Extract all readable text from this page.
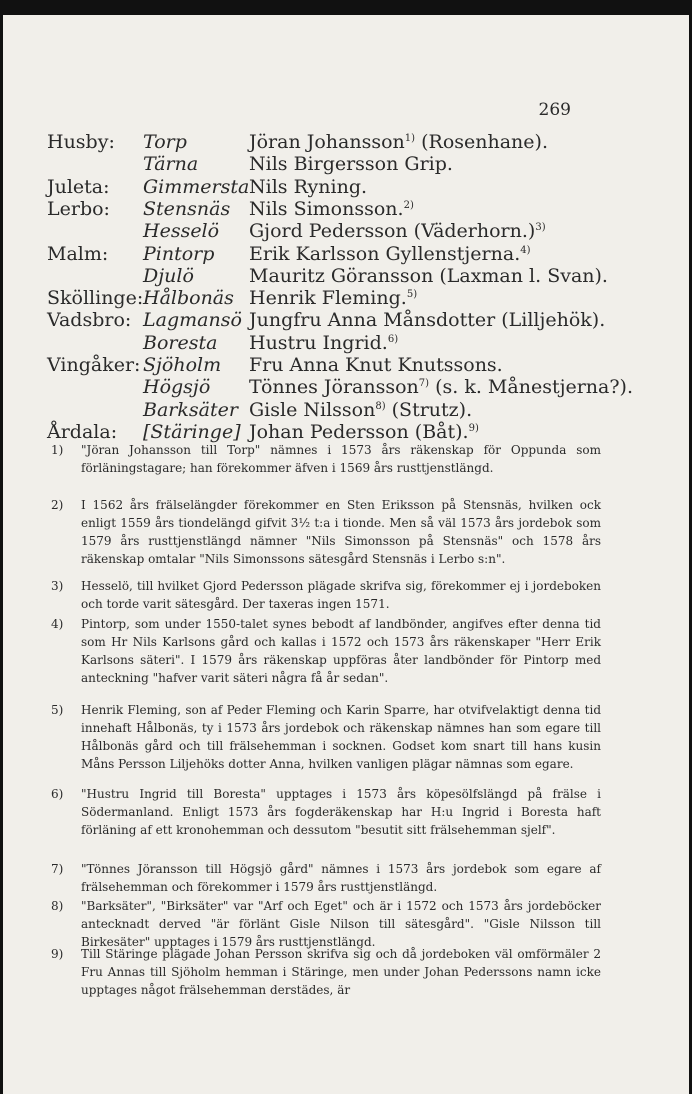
269
Husby: Torp	Jöran Johansson$^{1)}$ (Rosenhane).
Tärna	Nils Birgersson Grip.
Juleta: Gimmersta Nils Ryning.
Lerbo: Stensnäs Nils Simonsson.$^{2)}$
Hesselö Gjord Pedersson (Väderhorn.)$^{3)}$
Malm: Pintorp Erik Karlsson Gyllenstjerna.$^{4)}$
Djulö	Mauritz Göransson (Laxman l. Svan).
Sköllinge: Hålbonäs Henrik Fleming.$^{5)}$
Vadsbro: Lagmansö Jungfru Anna Månsdotter (Lilljehök).
Boresta Hustru Ingrid.$^{6)}$
Vingåker: Sjöholm Fru Anna Knut Knutssons.
Högsjö Tönnes Jöransson$^{7)}$ (s. k. Månestjerna?).
Barksäter Gisle Nilsson$^{8)}$ (Strutz).
Årdala: [Stäringe] Johan Pedersson (Båt).$^{9)}$
1) "Jöran Johansson till Torp" nämnes i 1573 års räkenskap för Oppunda som förläningstagare; han förekommer äfven i 1569 års rusttjenstlängd.
2) I 1562 års frälselängder förekommer en Sten Eriksson på Stensnäs, hvilken ock enligt 1559 års tiondelängd gifvit 3½ t:a i tionde. Men så väl 1573 års jordebok som 1579 års rusttjenstlängd nämner "Nils Simonsson på Stensnäs" och 1578 års räkenskap omtalar "Nils Simonssons sätesgård Stensnäs i Lerbo s:n".
3) Hesselö, till hvilket Gjord Pedersson plägade skrifva sig, förekommer ej i jordeboken och torde varit sätesgård. Der taxeras ingen 1571.
4) Pintorp, som under 1550-talet synes bebodt af landbönder, angifves efter denna tid som Hr Nils Karlsons gård och kallas i 1572 och 1573 års räkenskaper "Herr Erik Karlsons säteri". I 1579 års räkenskap uppföras åter landbönder för Pintorp med anteckning "hafver varit säteri några få år sedan".
5) Henrik Fleming, son af Peder Fleming och Karin Sparre, har otvifvelaktigt denna tid innehaft Hålbonäs, ty i 1573 års jordebok och räkenskap nämnes han som egare till Hålbonäs gård och till frälsehemman i socknen. Godset kom snart till hans kusin Måns Persson Liljehöks dotter Anna, hvilken vanligen plägar nämnas som egare.
6) "Hustru Ingrid till Boresta" upptages i 1573 års köpesölfslängd på frälse i Södermanland. Enligt 1573 års fogderäkenskap har H:u Ingrid i Boresta haft förläning af ett kronohemman och dessutom "besutit sitt frälsehemman sjelf".
7) "Tönnes Jöransson till Högsjö gård" nämnes i 1573 års jordebok som egare af frälsehemman och förekommer i 1579 års rusttjenstlängd.
8) "Barksäter", "Birksäter" var "Arf och Eget" och är i 1572 och 1573 års jordeböcker antecknadt derved "är förlänt Gisle Nilson till sätesgård". "Gisle Nilsson till Birkesäter" upptages i 1579 års rusttjenstlängd.
9) Till Stäringe plägade Johan Persson skrifva sig och då jordeboken väl omförmäler 2 Fru Annas till Sjöholm hemman i Stäringe, men under Johan Pederssons namn icke upptages något frälsehemman derstädes, är
